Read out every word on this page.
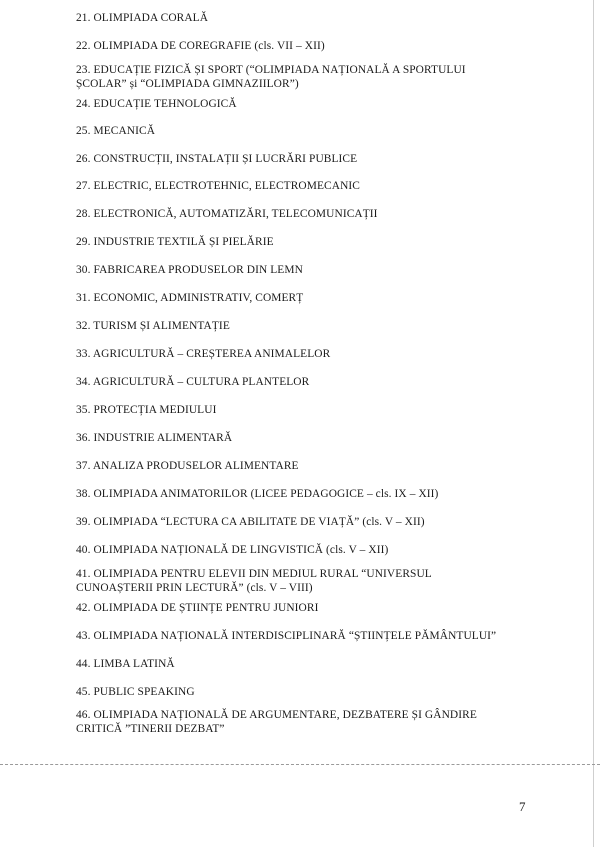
21. OLIMPIADA CORALĂ
22. OLIMPIADA DE COREGRAFIE (cls. VII – XII)
23. EDUCAȚIE FIZICĂ ȘI SPORT (“OLIMPIADA NAȚIONALĂ A SPORTULUI
ȘCOLAR” și “OLIMPIADA GIMNAZIILOR”)
24. EDUCAȚIE TEHNOLOGICĂ
25. MECANICĂ
26. CONSTRUCȚII, INSTALAȚII ȘI LUCRĂRI PUBLICE
27. ELECTRIC, ELECTROTEHNIC, ELECTROMECANIC
28. ELECTRONICĂ, AUTOMATIZĂRI, TELECOMUNICAȚII
29. INDUSTRIE TEXTILĂ ȘI PIELĂRIE
30. FABRICAREA PRODUSELOR DIN LEMN
31. ECONOMIC, ADMINISTRATIV, COMERȚ
32. TURISM ȘI ALIMENTAȚIE
33. AGRICULTURĂ – CREȘTEREA ANIMALELOR
34. AGRICULTURĂ – CULTURA PLANTELOR
35. PROTECȚIA MEDIULUI
36. INDUSTRIE ALIMENTARĂ
37. ANALIZA PRODUSELOR ALIMENTARE
38. OLIMPIADA ANIMATORILOR (LICEE PEDAGOGICE – cls. IX – XII)
39. OLIMPIADA “LECTURA CA ABILITATE DE VIAȚĂ” (cls. V – XII)
40. OLIMPIADA NAȚIONALĂ DE LINGVISTICĂ (cls. V – XII)
41. OLIMPIADA PENTRU ELEVII DIN MEDIUL RURAL “UNIVERSUL
CUNOAȘTERII PRIN LECTURĂ” (cls. V – VIII)
42. OLIMPIADA DE ȘTIINȚE PENTRU JUNIORI
43. OLIMPIADA NAȚIONALĂ INTERDISCIPLINARĂ “ȘTIINȚELE PĂMÂNTULUI”
44. LIMBA LATINĂ
45. PUBLIC SPEAKING
46. OLIMPIADA NAȚIONALĂ DE ARGUMENTARE, DEZBATERE ȘI GÂNDIRE
CRITICĂ ”TINERII DEZBAT”
7
